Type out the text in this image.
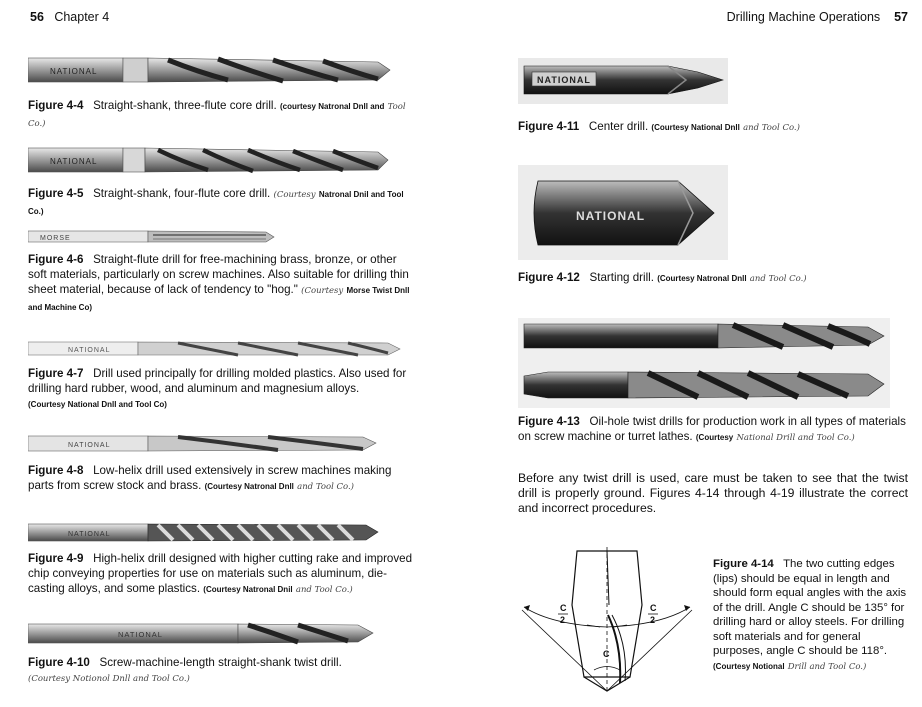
56 Chapter 4	Drilling Machine Operations 57
NATIONAL
Figure 4-4 Straight-shank, three-flute core drill. (courtesy Natronal Dnll and Tool Co.)
NATIONAL
Figure 4-5 Straight-shank, four-flute core drill. (Courtesy Natronal Dnil and Tool Co.)
MORSE
Figure 4-6 Straight-flute drill for free-machining brass, bronze, or other soft materials, particularly on screw machines. Also suitable for drilling thin sheet material, because of lack of tendency to "hog." (Courtesy Morse Twist Dnll and Machine Co)
NATIONAL
Figure 4-7 Drill used principally for drilling molded plastics. Also used for drilling hard rubber, wood, and aluminum and magnesium alloys.
(Courtesy National Dnll and Tool Co)
NATIONAL
Figure 4-8 Low-helix drill used extensively in screw machines making parts from screw stock and brass. (Courtesy Natronal Dnll and Tool Co.)
NATIONAL
Figure 4-9 High-helix drill designed with higher cutting rake and improved chip conveying properties for use on materials such as aluminum, die-casting alloys, and some plastics. (Courtesy Natronal Dnil and Tool Co.)
NATIONAL
Figure 4-10 Screw-machine-length straight-shank twist drill.
(Courtesy Notionol Dnll and Tool Co.)
NATIONAL
Figure 4-11 Center drill. (Courtesy National Dnll and Tool Co.)
NATIONAL
Figure 4-12 Starting drill. (Courtesy Natronal Dnll and Tool Co.)
Figure 4-13 Oil-hole twist drills for production work in all types of materials on screw machine or turret lathes. (Courtesy National Drill and Tool Co.)
Before any twist drill is used, care must be taken to see that the twist drill is properly ground. Figures 4-14 through 4-19 illustrate the correct and incorrect procedures.
C
2
C
2
C
Figure 4-14 The two cutting edges (lips) should be equal in length and should form equal angles with the axis of the drill. Angle C should be 135° for drilling hard or alloy steels. For drilling soft materials and for general purposes, angle C should be 118°.
(Courtesy Notional Drill and Tool Co.)
